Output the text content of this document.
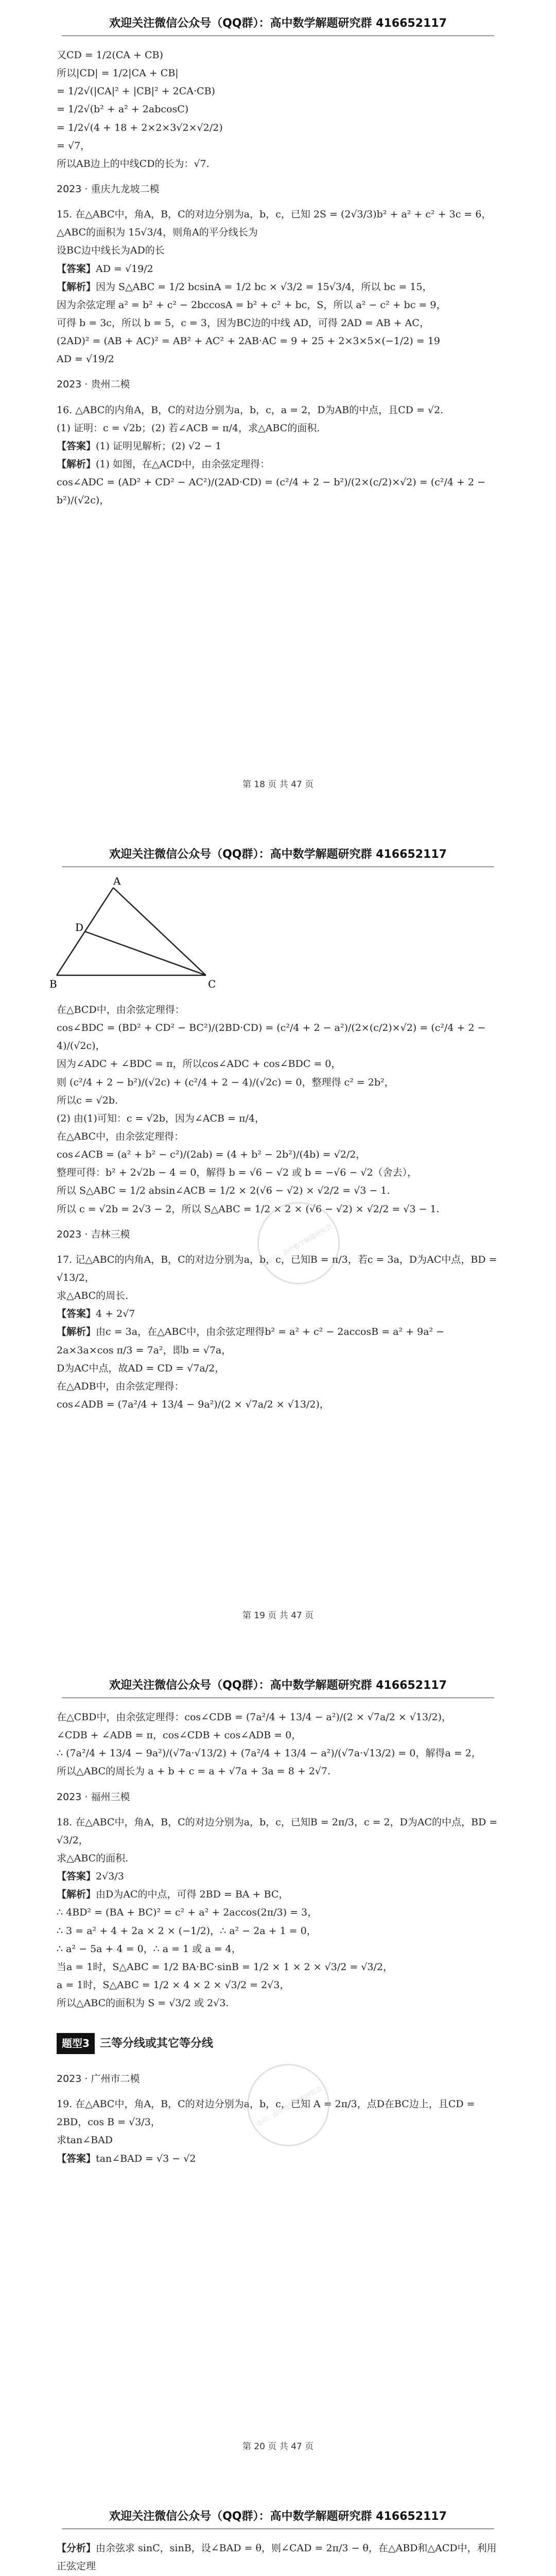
欢迎关注微信公众号（QQ群）：高中数学解题研究群 416652117
又CD = 1/2(CA + CB)
所以|CD| = 1/2|CA + CB|
= 1/2√(|CA|² + |CB|² + 2CA·CB)
= 1/2√(b² + a² + 2abcosC)
= 1/2√(4 + 18 + 2×2×3√2×√2/2)
= √7，
所以AB边上的中线CD的长为：√7.
2023 · 重庆九龙坡二模
15. 在△ABC中，角A，B，C的对边分别为a，b，c，已知 2S = (2√3/3)b² + a² + c² + 3c = 6，△ABC的面积为 15√3/4，则角A的平分线长为
设BC边中线长为AD的长
【答案】AD = √19/2
【解析】因为 S△ABC = 1/2 bcsinA = 1/2 bc × √3/2 = 15√3/4，所以 bc = 15，
因为余弦定理 a² = b² + c² − 2bccosA = b² + c² + bc，S，所以 a² − c² + bc = 9，
可得 b = 3c，所以 b = 5，c = 3，因为BC边的中线 AD，可得 2AD = AB + AC，
(2AD)² = (AB + AC)² = AB² + AC² + 2AB·AC = 9 + 25 + 2×3×5×(−1/2) = 19
AD = √19/2
2023 · 贵州二模
16. △ABC的内角A，B，C的对边分别为a，b，c，a = 2，D为AB的中点，且CD = √2.
(1) 证明：c = √2b；(2) 若∠ACB = π/4，求△ABC的面积.
【答案】(1) 证明见解析；(2) √2 − 1
【解析】(1) 如图，在△ACD中，由余弦定理得：
cos∠ADC = (AD² + CD² − AC²)/(2AD·CD) = (c²/4 + 2 − b²)/(2×(c/2)×√2) = (c²/4 + 2 − b²)/(√2c)，
第 18 页 共 47 页
欢迎关注微信公众号（QQ群）：高中数学解题研究群 416652117
A
B	C
D
在△BCD中，由余弦定理得：
cos∠BDC = (BD² + CD² − BC²)/(2BD·CD) = (c²/4 + 2 − a²)/(2×(c/2)×√2) = (c²/4 + 2 − 4)/(√2c)，
因为∠ADC + ∠BDC = π，所以cos∠ADC + cos∠BDC = 0，
则 (c²/4 + 2 − b²)/(√2c) + (c²/4 + 2 − 4)/(√2c) = 0，整理得 c² = 2b²，
所以c = √2b.
(2) 由(1)可知：c = √2b，因为∠ACB = π/4，
在△ABC中，由余弦定理得：
cos∠ACB = (a² + b² − c²)/(2ab) = (4 + b² − 2b²)/(4b) = √2/2，
整理可得：b² + 2√2b − 4 = 0，解得 b = √6 − √2 或 b = −√6 − √2（舍去），
所以 S△ABC = 1/2 absin∠ACB = 1/2 × 2(√6 − √2) × √2/2 = √3 − 1.
所以 c = √2b = 2√3 − 2，所以 S△ABC = 1/2 × 2 × (√6 − √2) × √2/2 = √3 − 1.
2023 · 吉林三模
17. 记△ABC的内角A，B，C的对边分别为a，b，c，已知B = π/3，若c = 3a，D为AC中点，BD = √13/2，
求△ABC的周长.
【答案】4 + 2√7
【解析】由c = 3a，在△ABC中，由余弦定理得b² = a² + c² − 2accosB = a² + 9a² − 2a×3a×cos π/3 = 7a²，即b = √7a，
D为AC中点，故AD = CD = √7a/2，
在△ADB中，由余弦定理得：
cos∠ADB = (7a²/4 + 13/4 − 9a²)/(2 × √7a/2 × √13/2)，
众号：高中数学解题研究会
第 19 页 共 47 页
欢迎关注微信公众号（QQ群）：高中数学解题研究群 416652117
在△CBD中，由余弦定理得：cos∠CDB = (7a²/4 + 13/4 − a²)/(2 × √7a/2 × √13/2)，
∠CDB + ∠ADB = π，cos∠CDB + cos∠ADB = 0，
∴ (7a²/4 + 13/4 − 9a²)/(√7a·√13/2) + (7a²/4 + 13/4 − a²)/(√7a·√13/2) = 0，解得a = 2，
所以△ABC的周长为 a + b + c = a + √7a + 3a = 8 + 2√7.
2023 · 福州三模
18. 在△ABC中，角A，B，C的对边分别为a，b，c，已知B = 2π/3，c = 2，D为AC的中点，BD = √3/2，
求△ABC的面积.
【答案】2√3/3
【解析】由D为AC的中点，可得 2BD = BA + BC，
∴ 4BD² = (BA + BC)² = c² + a² + 2accos(2π/3) = 3，
∴ 3 = a² + 4 + 2a × 2 × (−1/2)，∴ a² − 2a + 1 = 0，
∴ a² − 5a + 4 = 0，∴ a = 1 或 a = 4，
当a = 1时，S△ABC = 1/2 BA·BC·sinB = 1/2 × 1 × 2 × √3/2 = √3/2，
a = 1时，S△ABC = 1/2 × 4 × 2 × √3/2 = 2√3，
所以△ABC的面积为 S = √3/2 或 2√3.
题型3 三等分线或其它等分线
2023 · 广州市二模
19. 在△ABC中，角A，B，C的对边分别为a，b，c，已知 A = 2π/3，点D在BC边上，且CD = 2BD，cos B = √3/3，
求tan∠BAD
【答案】tan∠BAD = √3 − √2
众号：高中数学解题研究会
第 20 页 共 47 页
欢迎关注微信公众号（QQ群）：高中数学解题研究群 416652117
【分析】由余弦求 sinC，sinB，设∠BAD = θ，则∠CAD = 2π/3 − θ，在△ABD和△ACD中，利用正弦定理
